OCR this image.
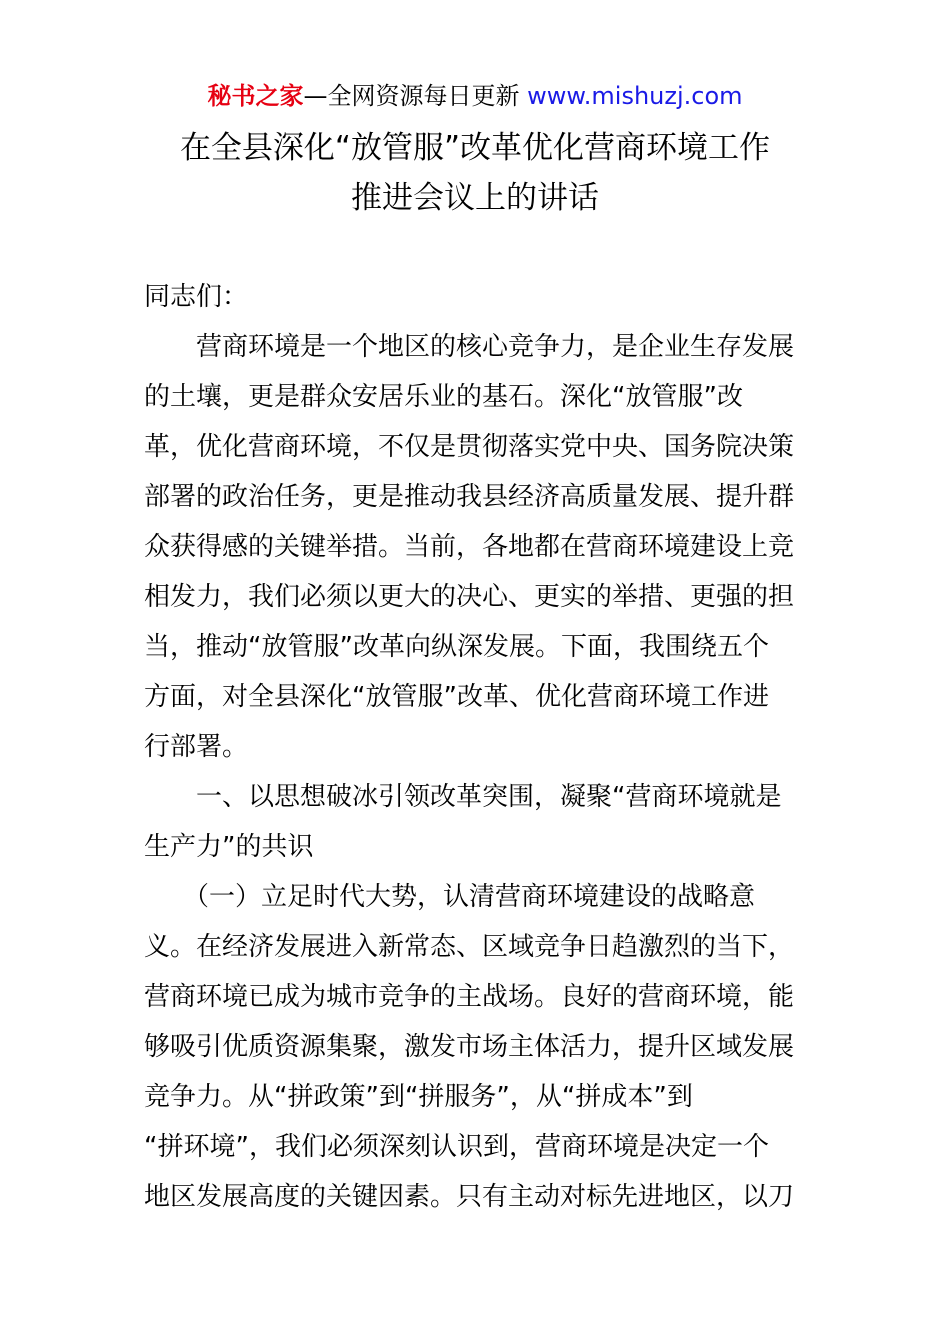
秘书之家—全网资源每日更新 www.mishuzj.com
在全县深化“放管服”改革优化营商环境工作
推进会议上的讲话
同志们：
　　营商环境是一个地区的核心竞争力，是企业生存发展
的土壤，更是群众安居乐业的基石。深化“放管服”改
革，优化营商环境，不仅是贯彻落实党中央、国务院决策
部署的政治任务，更是推动我县经济高质量发展、提升群
众获得感的关键举措。当前，各地都在营商环境建设上竞
相发力，我们必须以更大的决心、更实的举措、更强的担
当，推动“放管服”改革向纵深发展。下面，我围绕五个
方面，对全县深化“放管服”改革、优化营商环境工作进
行部署。
　　一、以思想破冰引领改革突围，凝聚“营商环境就是
生产力”的共识
　　（一）立足时代大势，认清营商环境建设的战略意
义。在经济发展进入新常态、区域竞争日趋激烈的当下，
营商环境已成为城市竞争的主战场。良好的营商环境，能
够吸引优质资源集聚，激发市场主体活力，提升区域发展
竞争力。从“拼政策”到“拼服务”，从“拼成本”到
“拼环境”，我们必须深刻认识到，营商环境是决定一个
地区发展高度的关键因素。只有主动对标先进地区，以刀
